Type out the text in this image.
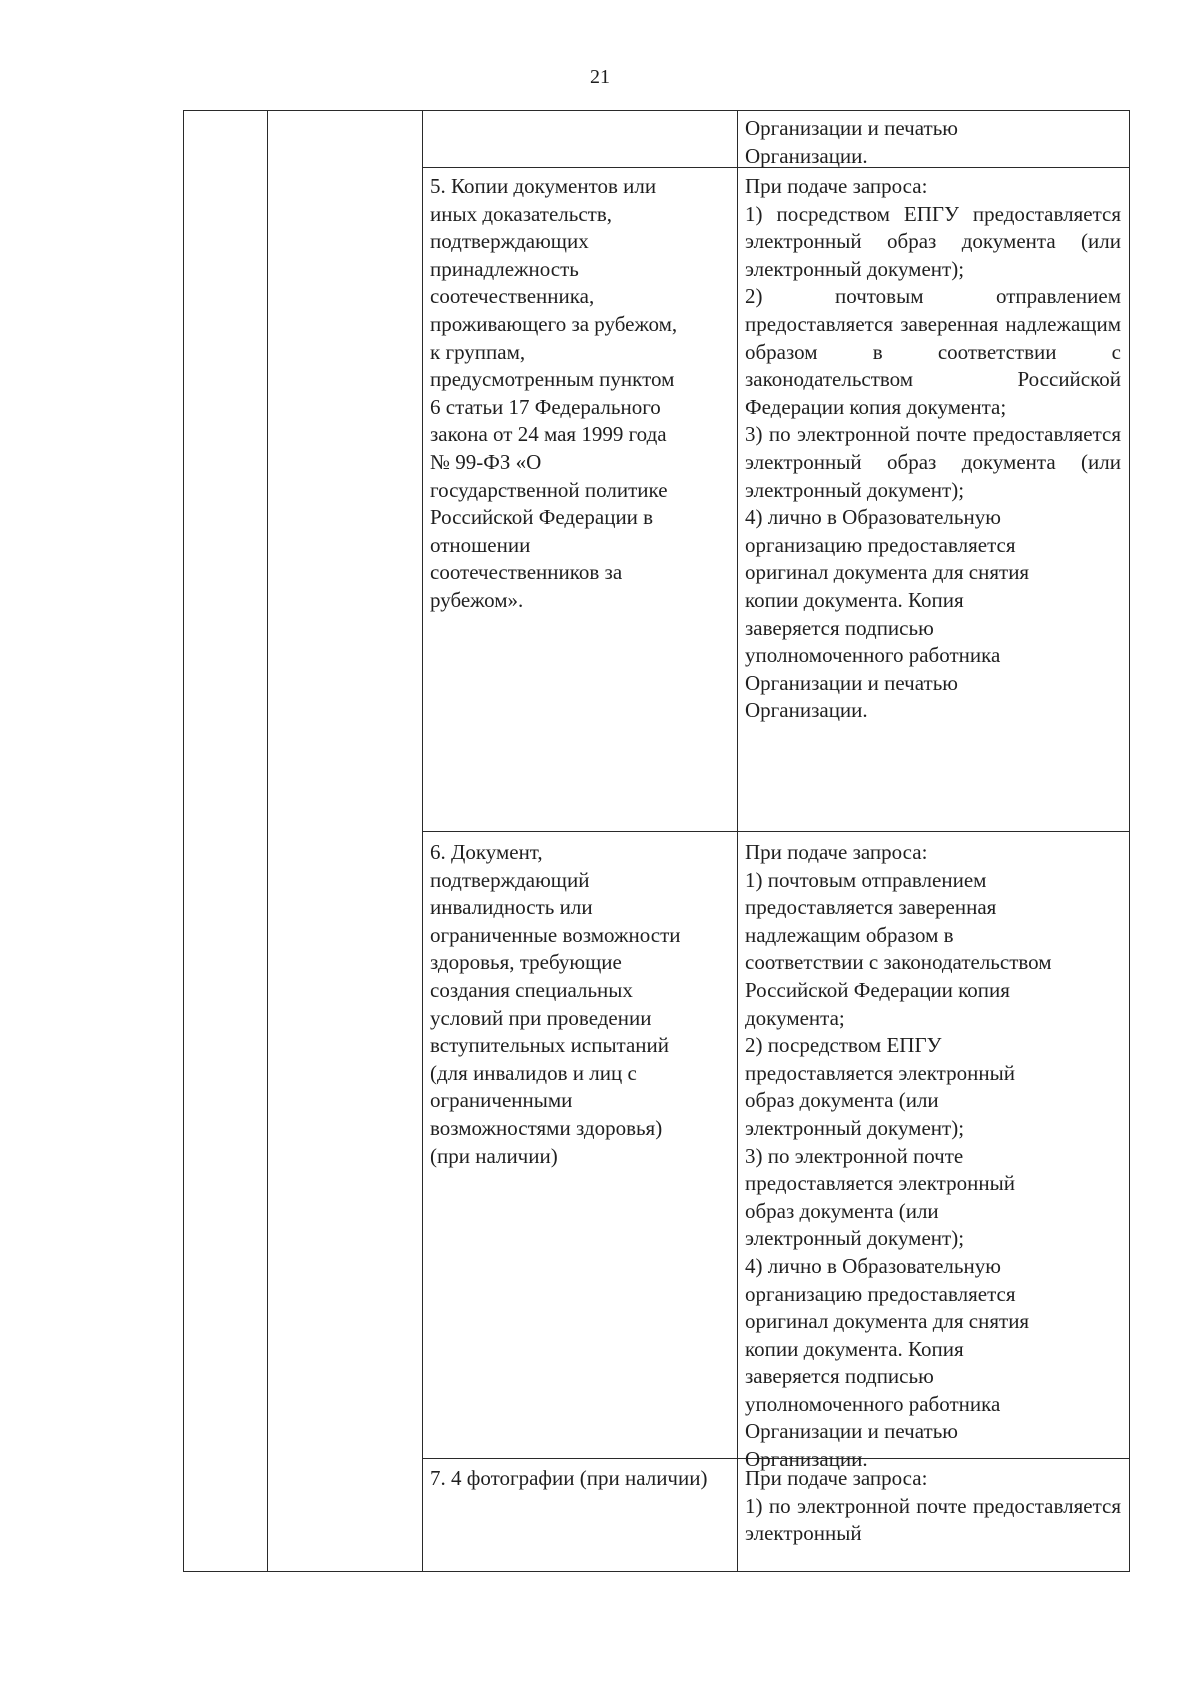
21
Организации и печатью
Организации.
5. Копии документов или
иных доказательств,
подтверждающих
принадлежность
соотечественника,
проживающего за рубежом,
к группам,
предусмотренным пунктом
6 статьи 17 Федерального
закона от 24 мая 1999 года
№ 99-ФЗ «О
государственной политике
Российской Федерации в
отношении
соотечественников за
рубежом».
При подаче запроса:
1) посредством ЕПГУ предоставляется электронный образ документа (или электронный документ);
2) почтовым отправлением предоставляется заверенная надлежащим образом в соответствии с законодательством Российской Федерации копия документа;
3) по электронной почте предоставляется электронный образ документа (или электронный документ);
4) лично в Образовательную
организацию предоставляется
оригинал документа для снятия
копии документа. Копия
заверяется подписью
уполномоченного работника
Организации и печатью
Организации.
6. Документ,
подтверждающий
инвалидность или
ограниченные возможности
здоровья, требующие
создания специальных
условий при проведении
вступительных испытаний
(для инвалидов и лиц с
ограниченными
возможностями здоровья)
(при наличии)
При подаче запроса:
1) почтовым отправлением
предоставляется заверенная
надлежащим образом в
соответствии с законодательством
Российской Федерации копия
документа;
2) посредством ЕПГУ
предоставляется электронный
образ документа (или
электронный документ);
3) по электронной почте
предоставляется электронный
образ документа (или
электронный документ);
4) лично в Образовательную
организацию предоставляется
оригинал документа для снятия
копии документа. Копия
заверяется подписью
уполномоченного работника
Организации и печатью
Организации.
7. 4 фотографии (при наличии)	При подаче запроса:
1) по электронной почте предоставляется электронный
